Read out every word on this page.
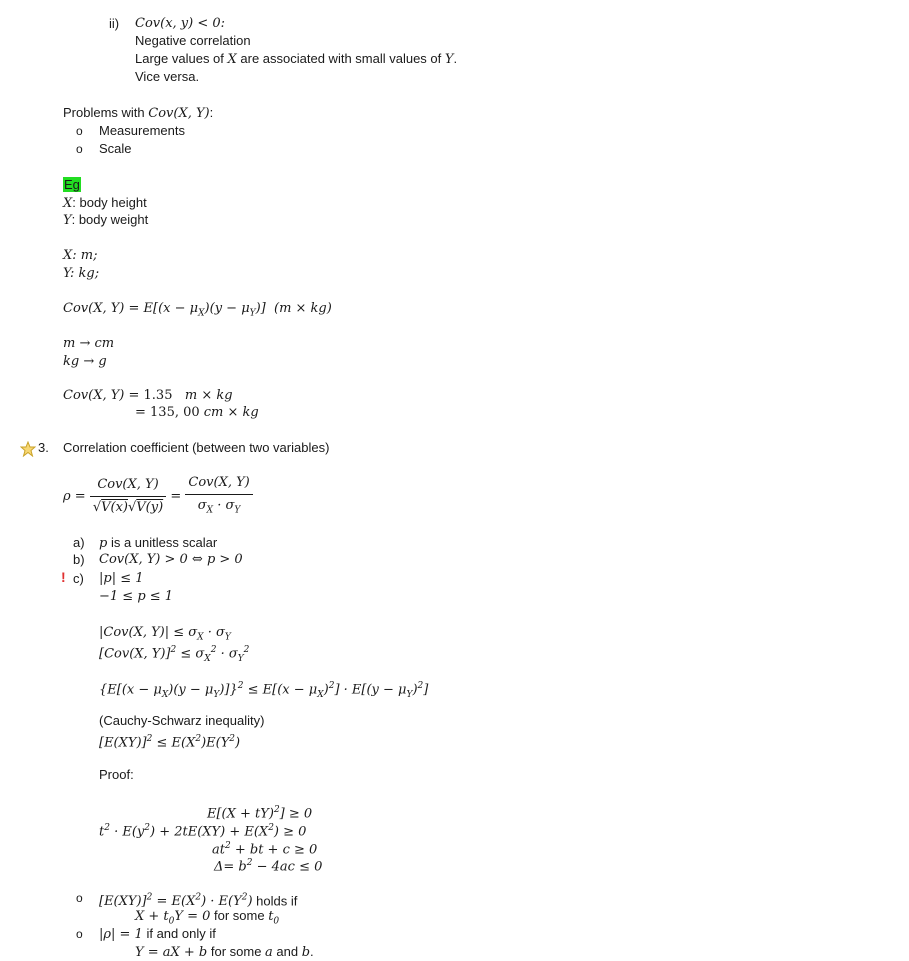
ii) Cov(x, y) < 0:
Negative correlation
Large values of X are associated with small values of Y.
Vice versa.
Problems with Cov(X, Y):
o Measurements
o Scale
Eg
X: body height
Y: body weight
X: m;
Y: kg;
Cov(X, $Y) = E[(x - \mu_X)(y - \mu_Y)]$  (m × kg)
m → cm
kg → g
Cov(X, Y) = 1.35   m × kg
= 135, 00 cm × kg
3. Correlation coefficient (between two variables)
$\rho = \frac{\text{Cov(X, Y)}}{√V(x)√V(y)} = \frac{\text{Cov(X, Y)}}{\sigma_X \cdot \sigma_Y}$
a) p is a unitless scalar
b) Cov(X, Y) > 0 ⇔ p > 0
! c) |p| ≤ 1
−1 ≤ p ≤ 1
|Cov(X, $Y)| \le \sigma_X \cdot \sigma_Y$
[Cov(X, $Y)]^2 \le \sigma_X^2 \cdot \sigma_Y^2$
$\{E[(x - \mu_X)(y - \mu_Y)]\}^2 \le E[(x - \mu_X)^2] \cdot E[(y - \mu_Y)^2]$
(Cauchy-Schwarz inequality)
$[E(XY)]^2 \le E(X^2)E(Y^2)$
Proof:
E[(X + tY)$^2$] ≥ 0
$t^2 \cdot E(y^2) + 2tE(XY) + E(X^2) \ge 0$
$at^2$ + bt + c ≥ 0
$\Delta= b^2 - 4ac \le 0$
o $[E(XY)]^2 = E(X^2) \cdot E(Y^2)$ holds if
$X + t_0Y = 0$ for some $t_0$
o |ρ| = 1 if and only if
Y = aX + b for some a and b.
